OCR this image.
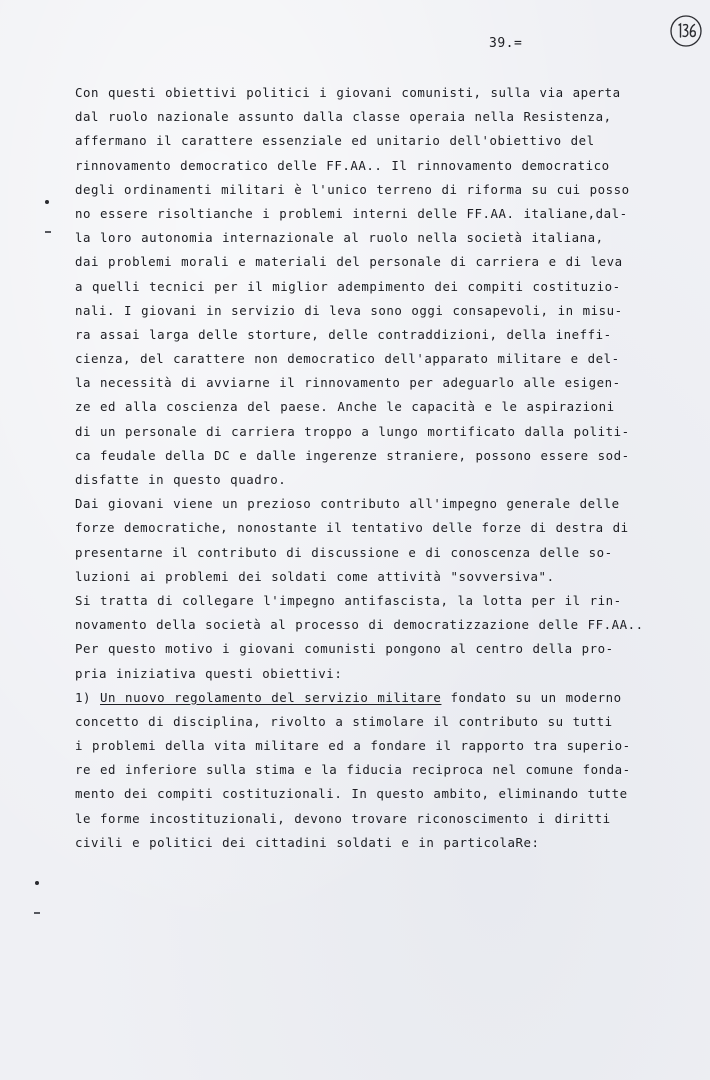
39.=
Con questi obiettivi politici i giovani comunisti, sulla via aperta
dal ruolo nazionale assunto dalla classe operaia nella Resistenza,
affermano il carattere essenziale ed unitario dell'obiettivo del
rinnovamento democratico delle FF.AA.. Il rinnovamento democratico
degli ordinamenti militari è l'unico terreno di riforma su cui posso
no essere risoltianche i problemi interni delle FF.AA. italiane,dal-
la loro autonomia internazionale al ruolo nella società italiana,
dai problemi morali e materiali del personale di carriera e di leva
a quelli tecnici per il miglior adempimento dei compiti costituzio-
nali. I giovani in servizio di leva sono oggi consapevoli, in misu-
ra assai larga delle storture, delle contraddizioni, della ineffi-
cienza, del carattere non democratico dell'apparato militare e del-
la necessità di avviarne il rinnovamento per adeguarlo alle esigen-
ze ed alla coscienza del paese. Anche le capacità e le aspirazioni
di un personale di carriera troppo a lungo mortificato dalla politi-
ca feudale della DC e dalle ingerenze straniere, possono essere sod-
disfatte in questo quadro.
Dai giovani viene un prezioso contributo all'impegno generale delle
forze democratiche, nonostante il tentativo delle forze di destra di
presentarne il contributo di discussione e di conoscenza delle so-
luzioni ai problemi dei soldati come attività "sovversiva".
Si tratta di collegare l'impegno antifascista, la lotta per il rin-
novamento della società al processo di democratizzazione delle FF.AA..
Per questo motivo i giovani comunisti pongono al centro della pro-
pria iniziativa questi obiettivi:
1) Un nuovo regolamento del servizio militare fondato su un moderno
concetto di disciplina, rivolto a stimolare il contributo su tutti
i problemi della vita militare ed a fondare il rapporto tra superio-
re ed inferiore sulla stima e la fiducia reciproca nel comune fonda-
mento dei compiti costituzionali. In questo ambito, eliminando tutte
le forme incostituzionali, devono trovare riconoscimento i diritti
civili e politici dei cittadini soldati e in particolaRe:
